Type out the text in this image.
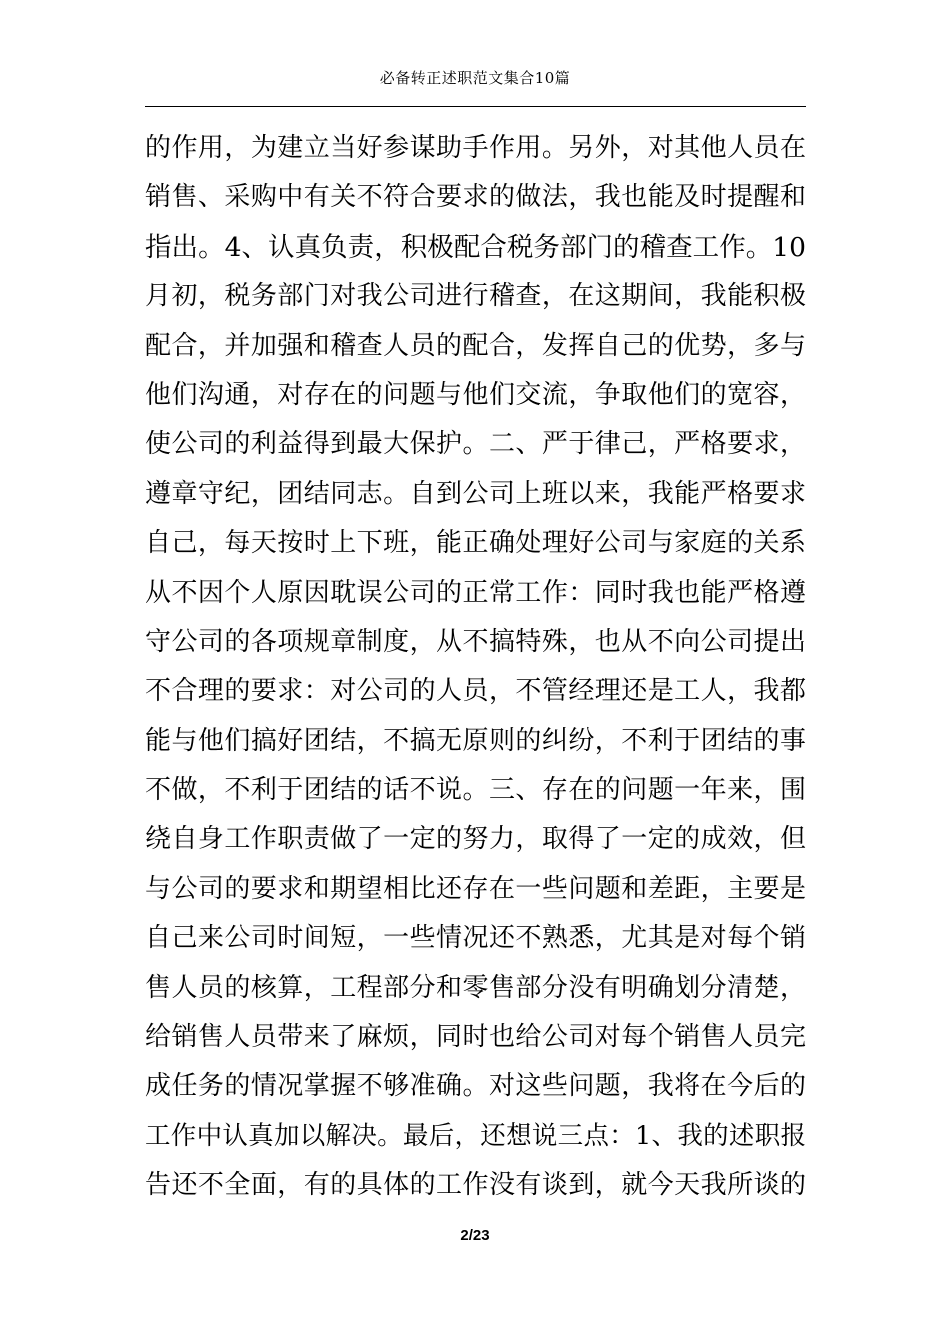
必备转正述职范文集合10篇
的作用，为建立当好参谋助手作用。另外，对其他人员在
销售、采购中有关不符合要求的做法，我也能及时提醒和
指出。4、认真负责，积极配合税务部门的稽查工作。10
月初，税务部门对我公司进行稽查，在这期间，我能积极
配合，并加强和稽查人员的配合，发挥自己的优势，多与
他们沟通，对存在的问题与他们交流，争取他们的宽容，
使公司的利益得到最大保护。二、严于律己，严格要求，
遵章守纪，团结同志。自到公司上班以来，我能严格要求
自己，每天按时上下班，能正确处理好公司与家庭的关系
从不因个人原因耽误公司的正常工作：同时我也能严格遵
守公司的各项规章制度，从不搞特殊，也从不向公司提出
不合理的要求：对公司的人员，不管经理还是工人，我都
能与他们搞好团结，不搞无原则的纠纷，不利于团结的事
不做，不利于团结的话不说。三、存在的问题一年来，围
绕自身工作职责做了一定的努力，取得了一定的成效，但
与公司的要求和期望相比还存在一些问题和差距，主要是
自己来公司时间短，一些情况还不熟悉，尤其是对每个销
售人员的核算，工程部分和零售部分没有明确划分清楚，
给销售人员带来了麻烦，同时也给公司对每个销售人员完
成任务的情况掌握不够准确。对这些问题，我将在今后的
工作中认真加以解决。最后，还想说三点：1、我的述职报
告还不全面，有的具体的工作没有谈到，就今天我所谈的
2/23
